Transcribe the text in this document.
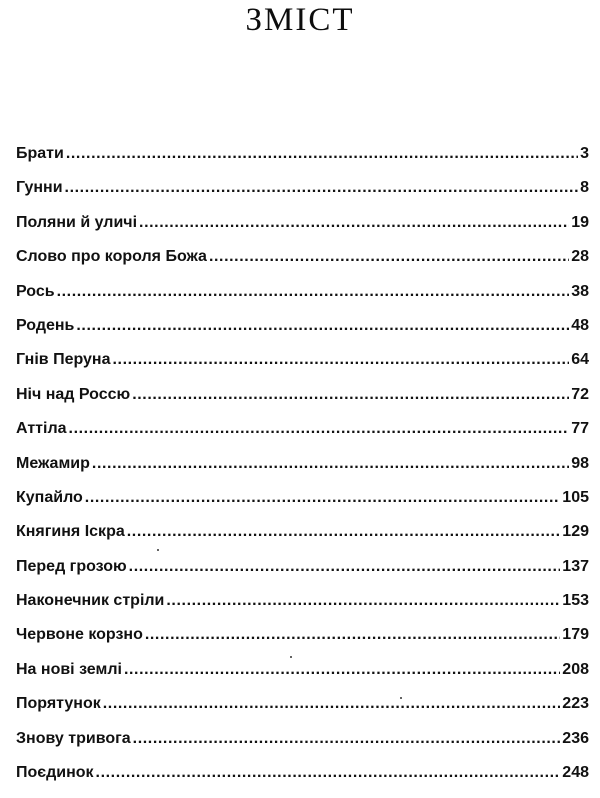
ЗМІСТ
Брати .....	3
Гунни .....	8
Поляни й уличі .....	19
Слово про короля Божа .....	28
Рось .....	38
Родень .....	48
Гнів Перуна .....	64
Ніч над Россю .....	72
Аттіла .....	77
Межамир .....	98
Купайло .....	105
Княгиня Іскра .....	129
Перед грозою .....	137
Наконечник стріли .....	153
Червоне корзно .....	179
На нові землі .....	208
Порятунок .....	223
Знову тривога .....	236
Поєдинок .....	248
